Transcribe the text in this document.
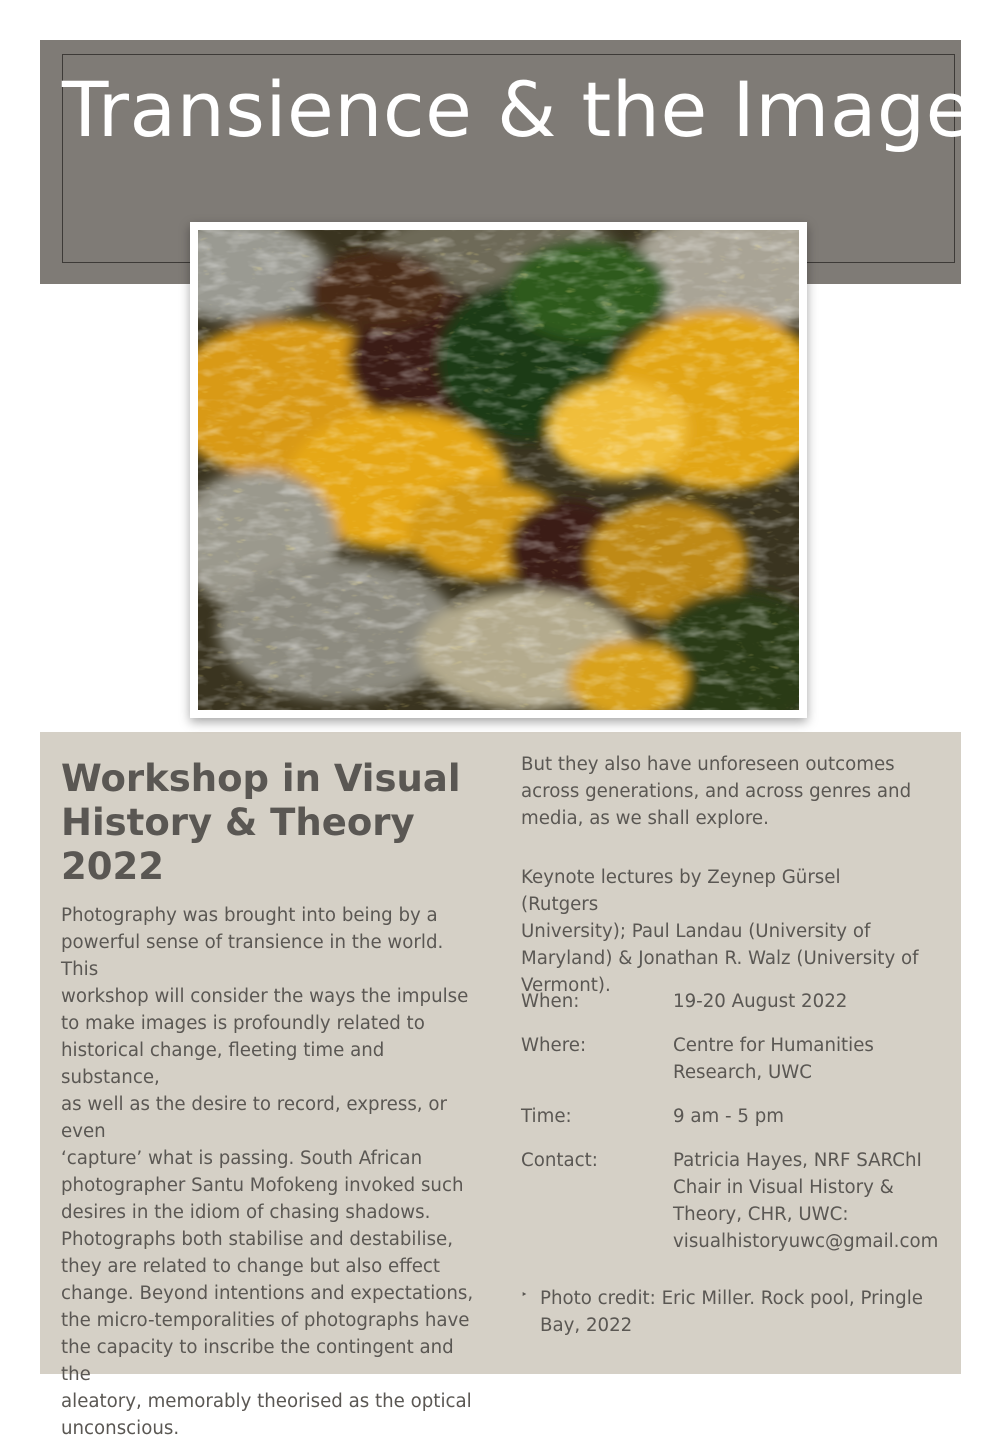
Transience & the Image
Workshop in Visual
History & Theory
2022
Photography was brought into being by a
powerful sense of transience in the world. This
workshop will consider the ways the impulse
to make images is profoundly related to
historical change, fleeting time and substance,
as well as the desire to record, express, or even
‘capture’ what is passing. South African
photographer Santu Mofokeng invoked such
desires in the idiom of chasing shadows.
Photographs both stabilise and destabilise,
they are related to change but also effect
change. Beyond intentions and expectations,
the micro-temporalities of photographs have
the capacity to inscribe the contingent and the
aleatory, memorably theorised as the optical
unconscious.
But they also have unforeseen outcomes
across generations, and across genres and
media, as we shall explore.
Keynote lectures by Zeynep Gürsel (Rutgers
University); Paul Landau (University of
Maryland) & Jonathan R. Walz (University of
Vermont).
When:	19-20 August 2022
Where:	Centre for Humanities
Research, UWC
Time:	9 am - 5 pm
Contact:	Patricia Hayes, NRF SARChI
Chair in Visual History &
Theory, CHR, UWC:
visualhistoryuwc@gmail.com
‣ Photo credit: Eric Miller. Rock pool, Pringle
Bay, 2022
